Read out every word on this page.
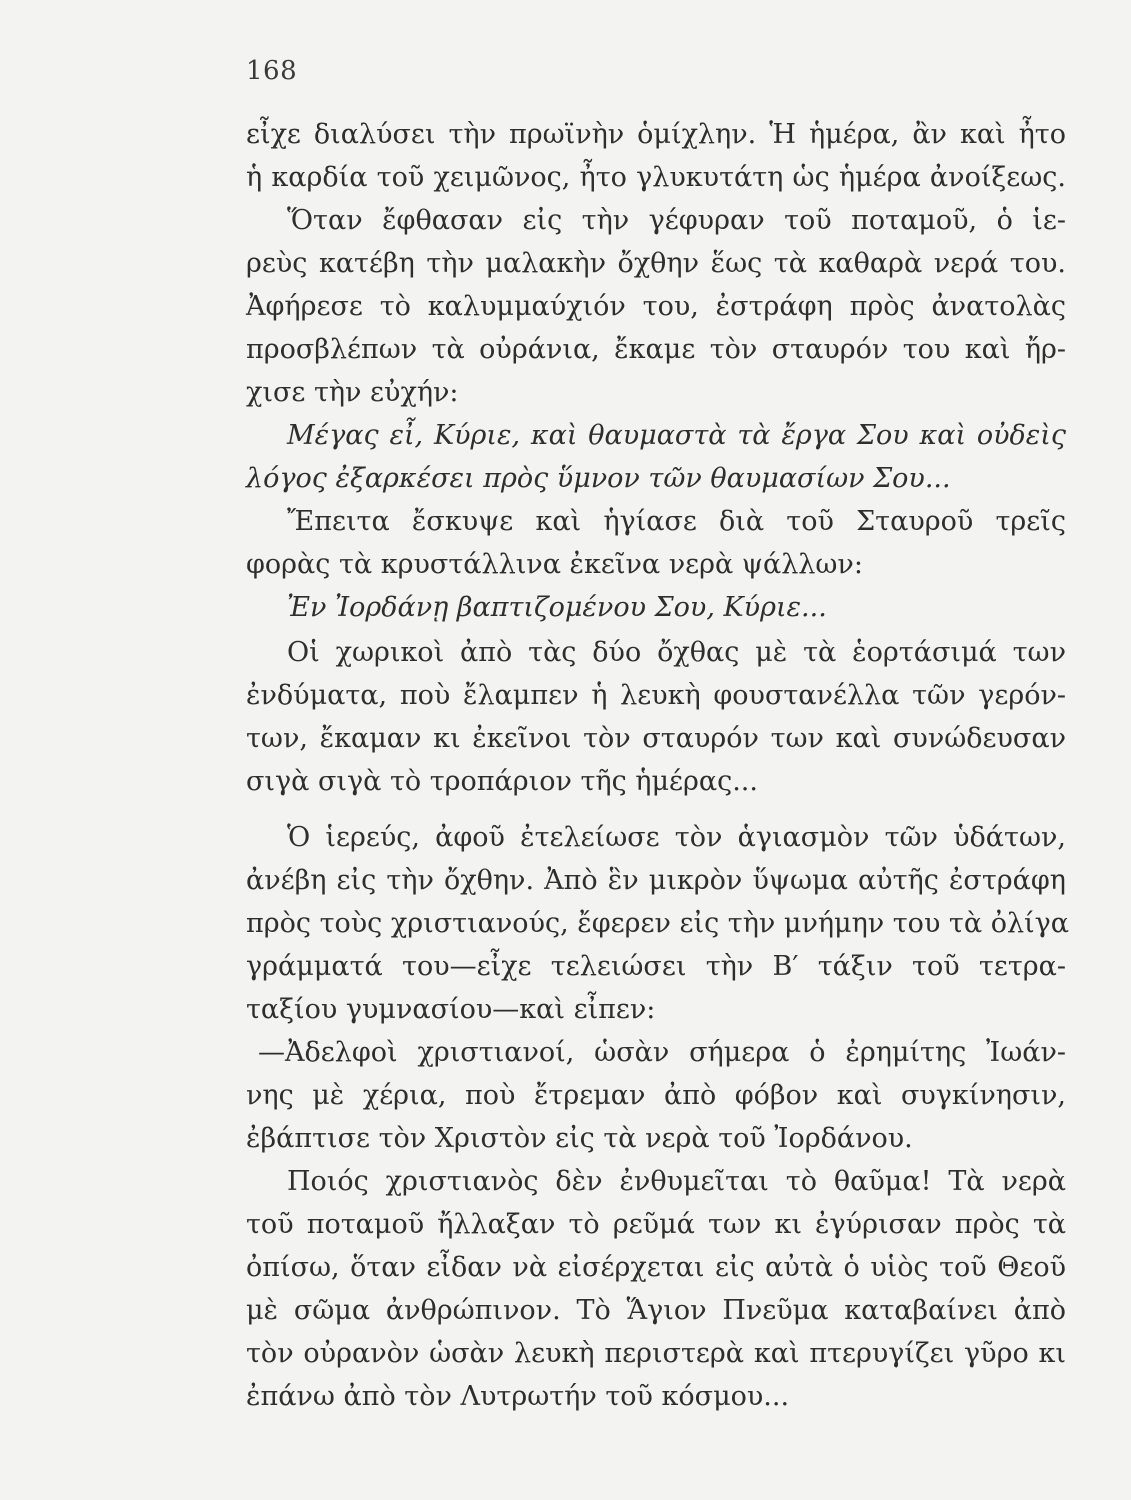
168
εἶχε διαλύσει τὴν πρωϊνὴν ὁμίχλην. Ἡ ἡμέρα, ἂν καὶ ἦτο
ἡ καρδία τοῦ χειμῶνος, ἦτο γλυκυτάτη ὡς ἡμέρα ἀνοίξεως.
Ὅταν ἔφθασαν εἰς τὴν γέφυραν τοῦ ποταμοῦ, ὁ ἱε-
ρεὺς κατέβη τὴν μαλακὴν ὄχθην ἕως τὰ καθαρὰ νερά του.
Ἀφήρεσε τὸ καλυμμαύχιόν του, ἐστράφη πρὸς ἀνατολὰς
προσβλέπων τὰ οὐράνια, ἔκαμε τὸν σταυρόν του καὶ ἤρ-
χισε τὴν εὐχήν:
Μέγας εἶ, Κύριε, καὶ θαυμαστὰ τὰ ἔργα Σου καὶ οὐδεὶς
λόγος ἐξαρκέσει πρὸς ὕμνον τῶν θαυμασίων Σου...
Ἔπειτα ἔσκυψε καὶ ἡγίασε διὰ τοῦ Σταυροῦ τρεῖς
φορὰς τὰ κρυστάλλινα ἐκεῖνα νερὰ ψάλλων:
Ἐν Ἰορδάνῃ βαπτιζομένου Σου, Κύριε...
Οἱ χωρικοὶ ἀπὸ τὰς δύο ὄχθας μὲ τὰ ἑορτάσιμά των
ἐνδύματα, ποὺ ἔλαμπεν ἡ λευκὴ φουστανέλλα τῶν γερόν-
των, ἔκαμαν κι ἐκεῖνοι τὸν σταυρόν των καὶ συνώδευσαν
σιγὰ σιγὰ τὸ τροπάριον τῆς ἡμέρας...
Ὁ ἱερεύς, ἀφοῦ ἐτελείωσε τὸν ἁγιασμὸν τῶν ὑδάτων,
ἀνέβη εἰς τὴν ὄχθην. Ἀπὸ ἓν μικρὸν ὕψωμα αὐτῆς ἐστράφη
πρὸς τοὺς χριστιανούς, ἔφερεν εἰς τὴν μνήμην του τὰ ὀλίγα
γράμματά του—εἶχε τελειώσει τὴν Β′ τάξιν τοῦ τετρα-
ταξίου γυμνασίου—καὶ εἶπεν:
—Ἀδελφοὶ χριστιανοί, ὡσὰν σήμερα ὁ ἐρημίτης Ἰωάν-
νης μὲ χέρια, ποὺ ἔτρεμαν ἀπὸ φόβον καὶ συγκίνησιν,
ἐβάπτισε τὸν Χριστὸν εἰς τὰ νερὰ τοῦ Ἰορδάνου.
Ποιός χριστιανὸς δὲν ἐνθυμεῖται τὸ θαῦμα! Τὰ νερὰ
τοῦ ποταμοῦ ἤλλαξαν τὸ ρεῦμά των κι ἐγύρισαν πρὸς τὰ
ὀπίσω, ὅταν εἶδαν νὰ εἰσέρχεται εἰς αὐτὰ ὁ υἱὸς τοῦ Θεοῦ
μὲ σῶμα ἀνθρώπινον. Τὸ Ἅγιον Πνεῦμα καταβαίνει ἀπὸ
τὸν οὐρανὸν ὡσὰν λευκὴ περιστερὰ καὶ πτερυγίζει γῦρο κι
ἐπάνω ἀπὸ τὸν Λυτρωτήν τοῦ κόσμου...
